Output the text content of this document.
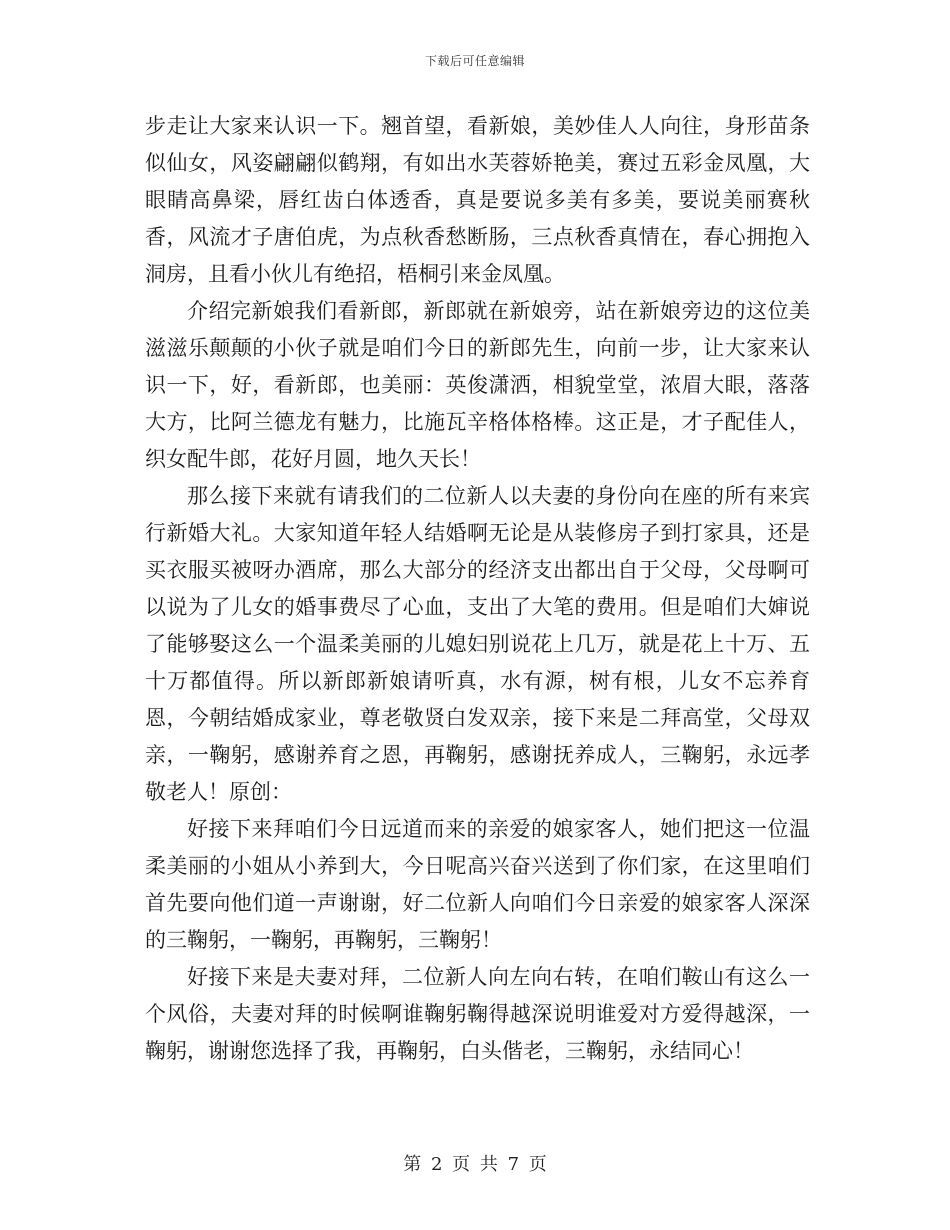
下载后可任意编辑

步走让大家来认识一下。翘首望，看新娘，美妙佳人人向往，身形苗条似仙女，风姿翩翩似鹤翔，有如出水芙蓉娇艳美，赛过五彩金凤凰，大眼睛高鼻梁，唇红齿白体透香，真是要说多美有多美，要说美丽赛秋香，风流才子唐伯虎，为点秋香愁断肠，三点秋香真情在，春心拥抱入洞房，且看小伙儿有绝招，梧桐引来金凤凰。

介绍完新娘我们看新郎，新郎就在新娘旁，站在新娘旁边的这位美滋滋乐颠颠的小伙子就是咱们今日的新郎先生，向前一步，让大家来认识一下，好，看新郎，也美丽：英俊潇洒，相貌堂堂，浓眉大眼，落落大方，比阿兰德龙有魅力，比施瓦辛格体格棒。这正是，才子配佳人，织女配牛郎，花好月圆，地久天长！

那么接下来就有请我们的二位新人以夫妻的身份向在座的所有来宾行新婚大礼。大家知道年轻人结婚啊无论是从装修房子到打家具，还是买衣服买被呀办酒席，那么大部分的经济支出都出自于父母，父母啊可以说为了儿女的婚事费尽了心血，支出了大笔的费用。但是咱们大婶说了能够娶这么一个温柔美丽的儿媳妇别说花上几万，就是花上十万、五十万都值得。所以新郎新娘请听真，水有源，树有根，儿女不忘养育恩，今朝结婚成家业，尊老敬贤白发双亲，接下来是二拜高堂，父母双亲，一鞠躬，感谢养育之恩，再鞠躬，感谢抚养成人，三鞠躬，永远孝敬老人！原创：

好接下来拜咱们今日远道而来的亲爱的娘家客人，她们把这一位温柔美丽的小姐从小养到大，今日呢高兴奋兴送到了你们家，在这里咱们首先要向他们道一声谢谢，好二位新人向咱们今日亲爱的娘家客人深深的三鞠躬，一鞠躬，再鞠躬，三鞠躬！

好接下来是夫妻对拜，二位新人向左向右转，在咱们鞍山有这么一个风俗，夫妻对拜的时候啊谁鞠躬鞠得越深说明谁爱对方爱得越深，一鞠躬，谢谢您选择了我，再鞠躬，白头偕老，三鞠躬，永结同心！

第 2 页 共 7 页
